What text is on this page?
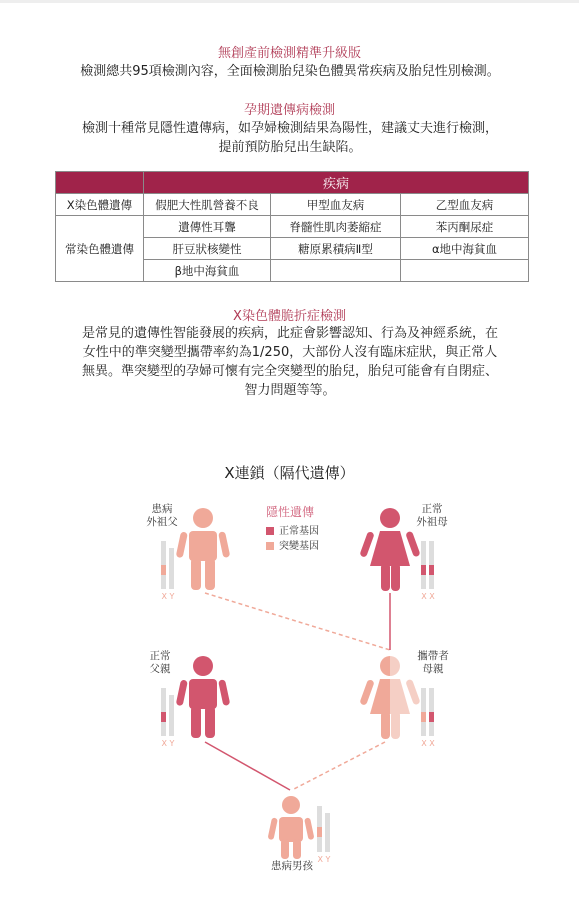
無創產前檢測精準升級版
檢測總共95項檢測內容，全面檢測胎兒染色體異常疾病及胎兒性別檢測。
孕期遺傳病檢測
檢測十種常見隱性遺傳病，如孕婦檢測結果為陽性，建議丈夫進行檢測，
提前預防胎兒出生缺陷。
	疾病		
X染色體遺傳	假肥大性肌營養不良	甲型血友病	乙型血友病
常染色體遺傳	遺傳性耳聾	脊髓性肌肉萎縮症	苯丙酮尿症
	肝豆狀核變性	糖原累積病Ⅱ型	α地中海貧血
	β地中海貧血		
X染色體脆折症檢測
是常見的遺傳性智能發展的疾病，此症會影響認知、行為及神經系統，在
女性中的準突變型攜帶率約為1/250，大部份人沒有臨床症狀，與正常人
無異。準突變型的孕婦可懷有完全突變型的胎兒，胎兒可能會有自閉症、
智力問題等等。
X連鎖（隔代遺傳）
隱性遺傳
正常基因
突變基因
患病
外祖父
正常
外祖母
正常
父親
攜帶者
母親
患病男孩
X Y	X X
X Y	X X
X Y
